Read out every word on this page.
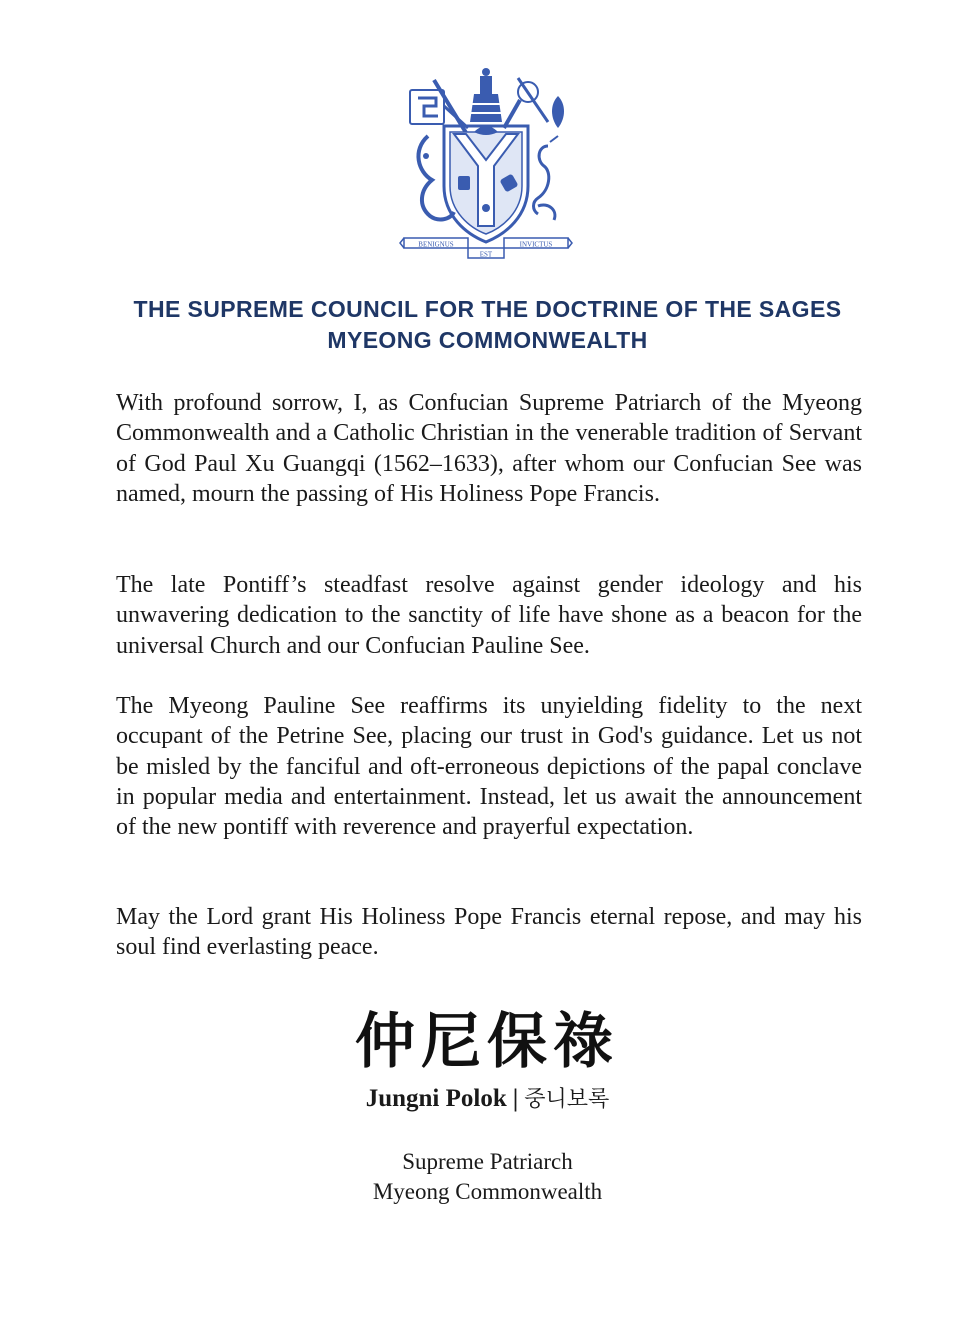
BENIGNUS	INVICTUS
EST
THE SUPREME COUNCIL FOR THE DOCTRINE OF THE SAGES
MYEONG COMMONWEALTH

With profound sorrow, I, as Confucian Supreme Patriarch of the Myeong Commonwealth and a Catholic Christian in the venerable tradition of Servant of God Paul Xu Guangqi (1562–1633), after whom our Confucian See was named, mourn the passing of His Holiness Pope Francis.

The late Pontiff’s steadfast resolve against gender ideology and his unwavering dedication to the sanctity of life have shone as a beacon for the universal Church and our Confucian Pauline See.

The Myeong Pauline See reaffirms its unyielding fidelity to the next occupant of the Petrine See, placing our trust in God's guidance. Let us not be misled by the fanciful and oft-erroneous depictions of the papal conclave in popular media and entertainment. Instead, let us await the announcement of the new pontiff with reverence and prayerful expectation.

May the Lord grant His Holiness Pope Francis eternal repose, and may his soul find everlasting peace.

仲尼保祿
Jungni Polok | 중니보록
Supreme Patriarch
Myeong Commonwealth
